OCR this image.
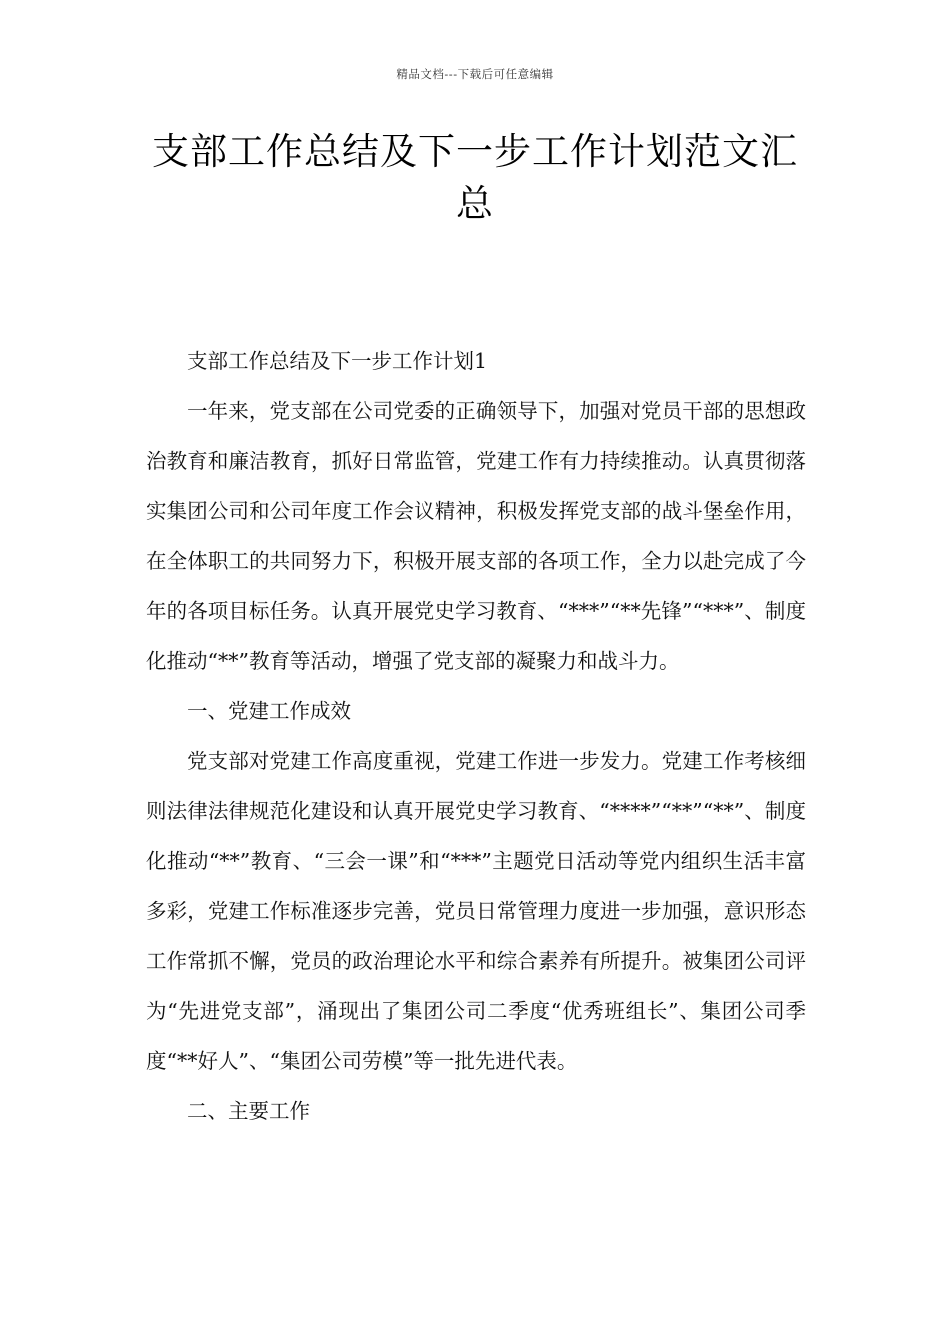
精品文档---下载后可任意编辑
支部工作总结及下一步工作计划范文汇总

支部工作总结及下一步工作计划1

一年来，党支部在公司党委的正确领导下，加强对党员干部的思想政治教育和廉洁教育，抓好日常监管，党建工作有力持续推动。认真贯彻落实集团公司和公司年度工作会议精神，积极发挥党支部的战斗堡垒作用，在全体职工的共同努力下，积极开展支部的各项工作，全力以赴完成了今年的各项目标任务。认真开展党史学习教育、“***”“**先锋”“***”、制度化推动“**”教育等活动，增强了党支部的凝聚力和战斗力。

一、党建工作成效

党支部对党建工作高度重视，党建工作进一步发力。党建工作考核细则法律法律规范化建设和认真开展党史学习教育、“****”“**”“**”、制度化推动“**”教育、“三会一课”和“***”主题党日活动等党内组织生活丰富多彩，党建工作标准逐步完善，党员日常管理力度进一步加强，意识形态工作常抓不懈，党员的政治理论水平和综合素养有所提升。被集团公司评为“先进党支部”，涌现出了集团公司二季度“优秀班组长”、集团公司季度“**好人”、“集团公司劳模”等一批先进代表。

二、主要工作
